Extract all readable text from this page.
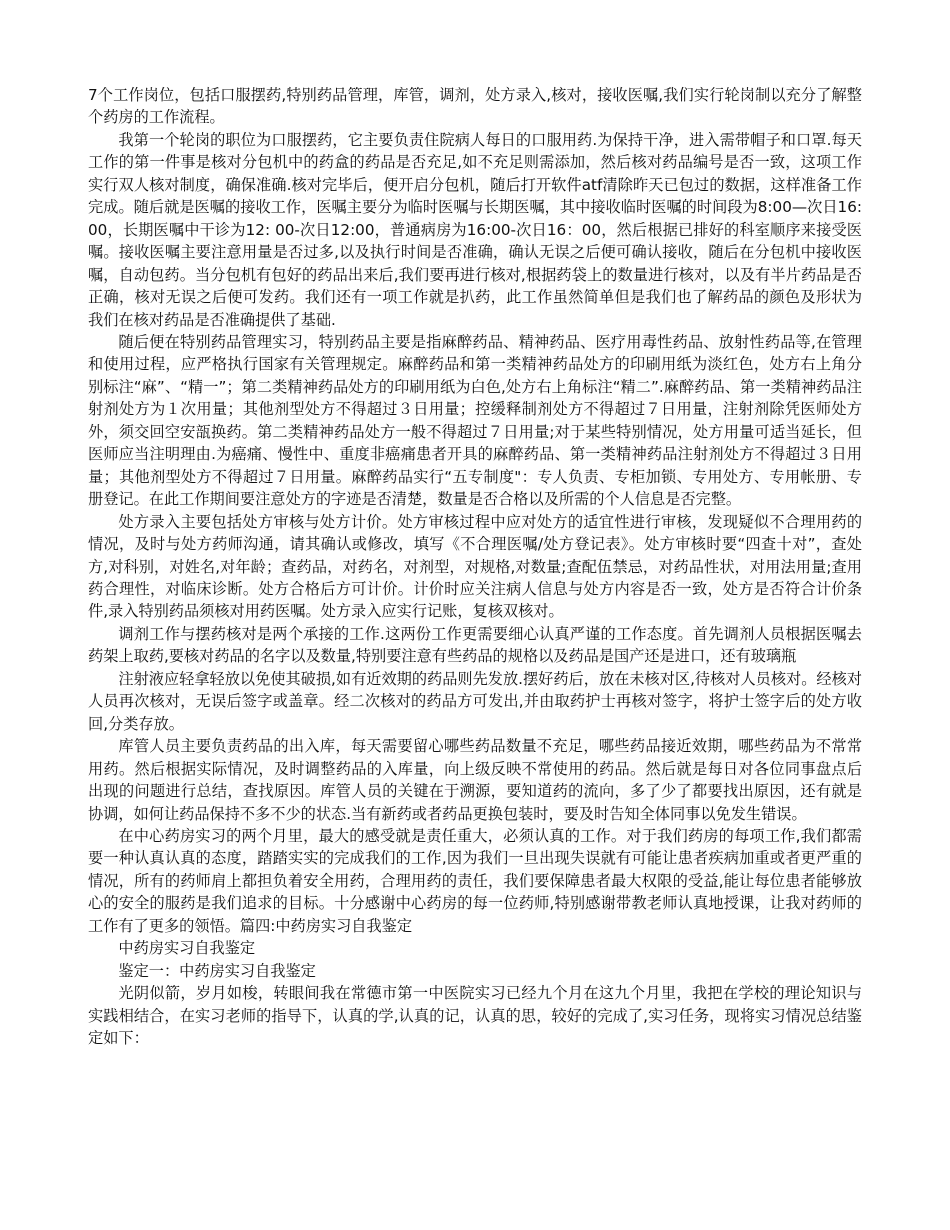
7个工作岗位，包括口服摆药,特别药品管理，库管，调剂，处方录入,核对，接收医嘱,我们实行轮岗制以充分了解整个药房的工作流程。

我第一个轮岗的职位为口服摆药，它主要负责住院病人每日的口服用药.为保持干净，进入需带帽子和口罩.每天工作的第一件事是核对分包机中的药盒的药品是否充足,如不充足则需添加，然后核对药品编号是否一致，这项工作实行双人核对制度，确保准确.核对完毕后，便开启分包机，随后打开软件atf清除昨天已包过的数据，这样准备工作完成。随后就是医嘱的接收工作，医嘱主要分为临时医嘱与长期医嘱，其中接收临时医嘱的时间段为8:00—次日16:00，长期医嘱中干诊为12: 00-次日12:00，普通病房为16:00-次日16：00，然后根据已排好的科室顺序来接受医嘱。接收医嘱主要注意用量是否过多,以及执行时间是否准确，确认无误之后便可确认接收，随后在分包机中接收医嘱，自动包药。当分包机有包好的药品出来后,我们要再进行核对,根据药袋上的数量进行核对，以及有半片药品是否正确，核对无误之后便可发药。我们还有一项工作就是扒药，此工作虽然简单但是我们也了解药品的颜色及形状为我们在核对药品是否准确提供了基础.

随后便在特别药品管理实习，特别药品主要是指麻醉药品、精神药品、医疗用毒性药品、放射性药品等,在管理和使用过程，应严格执行国家有关管理规定。麻醉药品和第一类精神药品处方的印刷用纸为淡红色，处方右上角分别标注“麻”、“精一”；第二类精神药品处方的印刷用纸为白色,处方右上角标注“精二”.麻醉药品、第一类精神药品注射剂处方为１次用量；其他剂型处方不得超过３日用量；控缓释制剂处方不得超过７日用量，注射剂除凭医师处方外，须交回空安瓿换药。第二类精神药品处方一般不得超过７日用量;对于某些特别情况，处方用量可适当延长，但医师应当注明理由.为癌痛、慢性中、重度非癌痛患者开具的麻醉药品、第一类精神药品注射剂处方不得超过３日用量；其他剂型处方不得超过７日用量。麻醉药品实行“五专制度"：专人负责、专柜加锁、专用处方、专用帐册、专册登记。在此工作期间要注意处方的字迹是否清楚，数量是否合格以及所需的个人信息是否完整。

处方录入主要包括处方审核与处方计价。处方审核过程中应对处方的适宜性进行审核，发现疑似不合理用药的情况，及时与处方药师沟通，请其确认或修改，填写《不合理医嘱/处方登记表》。处方审核时要“四查十对”，查处方,对科别，对姓名,对年龄；查药品，对药名，对剂型，对规格,对数量;查配伍禁忌，对药品性状，对用法用量;查用药合理性，对临床诊断。处方合格后方可计价。计价时应关注病人信息与处方内容是否一致，处方是否符合计价条件,录入特别药品须核对用药医嘱。处方录入应实行记账，复核双核对。

调剂工作与摆药核对是两个承接的工作.这两份工作更需要细心认真严谨的工作态度。首先调剂人员根据医嘱去药架上取药,要核对药品的名字以及数量,特别要注意有些药品的规格以及药品是国产还是进口，还有玻璃瓶

注射液应轻拿轻放以免使其破损,如有近效期的药品则先发放.摆好药后，放在未核对区,待核对人员核对。经核对人员再次核对，无误后签字或盖章。经二次核对的药品方可发出,并由取药护士再核对签字，将护士签字后的处方收回,分类存放。

库管人员主要负责药品的出入库，每天需要留心哪些药品数量不充足，哪些药品接近效期，哪些药品为不常常用药。然后根据实际情况，及时调整药品的入库量，向上级反映不常使用的药品。然后就是每日对各位同事盘点后出现的问题进行总结，查找原因。库管人员的关键在于溯源，要知道药的流向，多了少了都要找出原因，还有就是协调，如何让药品保持不多不少的状态.当有新药或者药品更换包装时，要及时告知全体同事以免发生错误。

在中心药房实习的两个月里，最大的感受就是责任重大，必须认真的工作。对于我们药房的每项工作,我们都需要一种认真认真的态度，踏踏实实的完成我们的工作,因为我们一旦出现失误就有可能让患者疾病加重或者更严重的情况，所有的药师肩上都担负着安全用药，合理用药的责任，我们要保障患者最大权限的受益,能让每位患者能够放心的安全的服药是我们追求的目标。十分感谢中心药房的每一位药师,特别感谢带教老师认真地授课，让我对药师的工作有了更多的领悟。篇四:中药房实习自我鉴定

中药房实习自我鉴定

鉴定一：中药房实习自我鉴定

光阴似箭，岁月如梭，转眼间我在常德市第一中医院实习已经九个月在这九个月里，我把在学校的理论知识与实践相结合，在实习老师的指导下，认真的学,认真的记，认真的思，较好的完成了,实习任务，现将实习情况总结鉴定如下：
